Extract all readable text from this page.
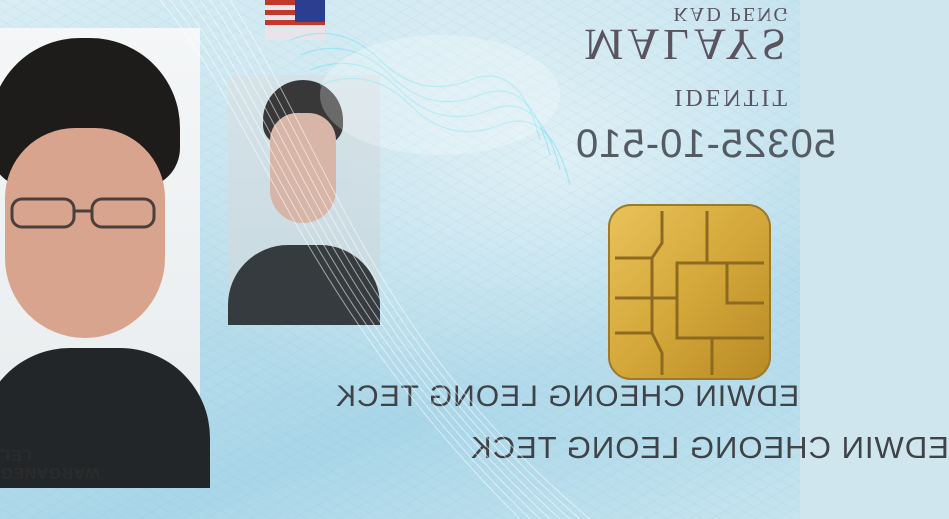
WARGANEG
LEL
KAD PENG
MALAYS
IDENTIT
50325-10-510
EDWIN CHEONG LEONG TECK
EDWIN CHEONG LEONG TECK
